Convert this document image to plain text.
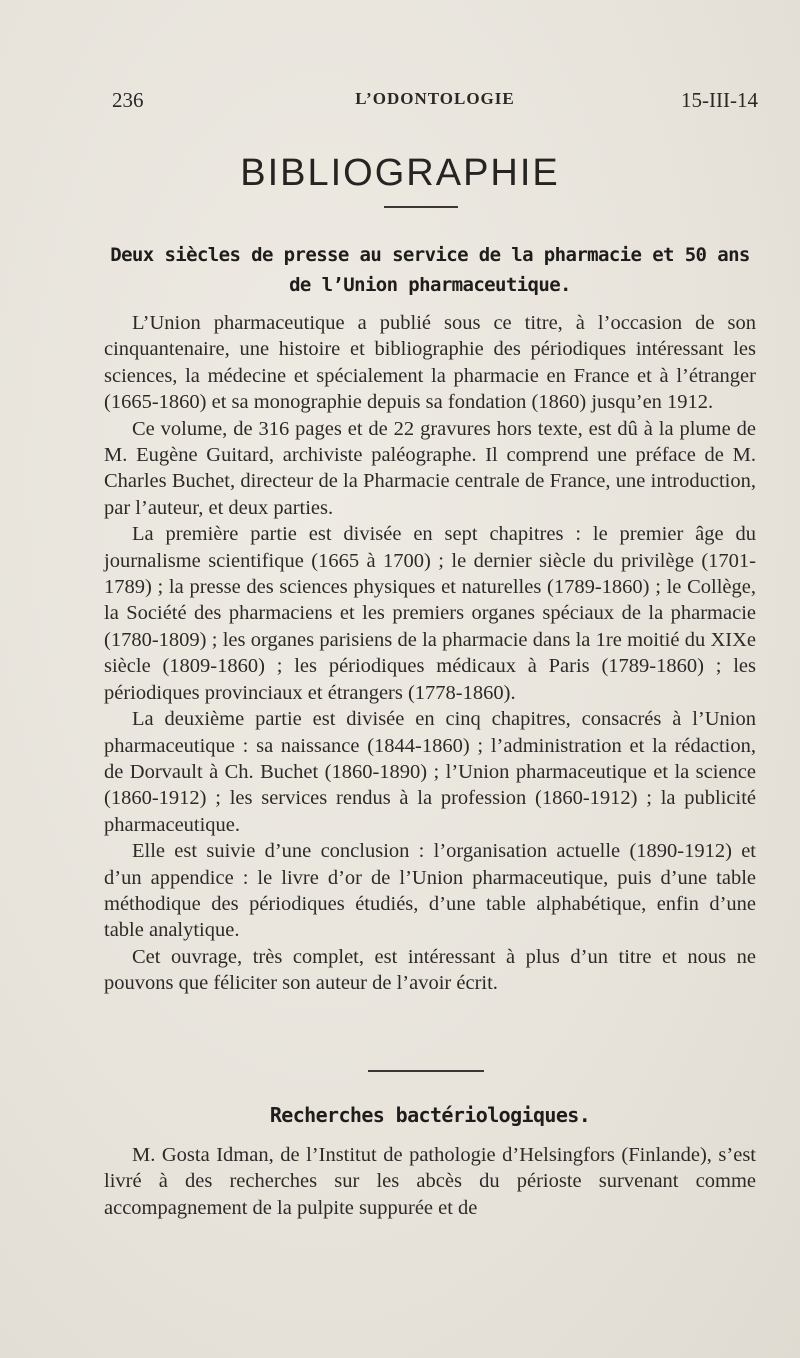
236	L’ODONTOLOGIE	15-III-14
BIBLIOGRAPHIE
Deux siècles de presse au service de la pharmacie et 50 ans de l’Union pharmaceutique.

L’Union pharmaceutique a publié sous ce titre, à l’occasion de son cinquantenaire, une histoire et bibliographie des périodiques intéressant les sciences, la médecine et spécialement la pharmacie en France et à l’étranger (1665-1860) et sa monographie depuis sa fondation (1860) jusqu’en 1912.

Ce volume, de 316 pages et de 22 gravures hors texte, est dû à la plume de M. Eugène Guitard, archiviste paléographe. Il comprend une préface de M. Charles Buchet, directeur de la Pharmacie centrale de France, une introduction, par l’auteur, et deux parties.

La première partie est divisée en sept chapitres : le premier âge du journalisme scientifique (1665 à 1700) ; le dernier siècle du privilège (1701-1789) ; la presse des sciences physiques et naturelles (1789-1860) ; le Collège, la Société des pharmaciens et les premiers organes spéciaux de la pharmacie (1780-1809) ; les organes parisiens de la pharmacie dans la 1re moitié du XIXe siècle (1809-1860) ; les périodiques médicaux à Paris (1789-1860) ; les périodiques provinciaux et étrangers (1778-1860).

La deuxième partie est divisée en cinq chapitres, consacrés à l’Union pharmaceutique : sa naissance (1844-1860) ; l’administration et la rédaction, de Dorvault à Ch. Buchet (1860-1890) ; l’Union pharmaceutique et la science (1860-1912) ; les services rendus à la profession (1860-1912) ; la publicité pharmaceutique.

Elle est suivie d’une conclusion : l’organisation actuelle (1890-1912) et d’un appendice : le livre d’or de l’Union pharmaceutique, puis d’une table méthodique des périodiques étudiés, d’une table alphabétique, enfin d’une table analytique.

Cet ouvrage, très complet, est intéressant à plus d’un titre et nous ne pouvons que féliciter son auteur de l’avoir écrit.

Recherches bactériologiques.

M. Gosta Idman, de l’Institut de pathologie d’Helsingfors (Finlande), s’est livré à des recherches sur les abcès du périoste survenant comme accompagnement de la pulpite suppurée et de
